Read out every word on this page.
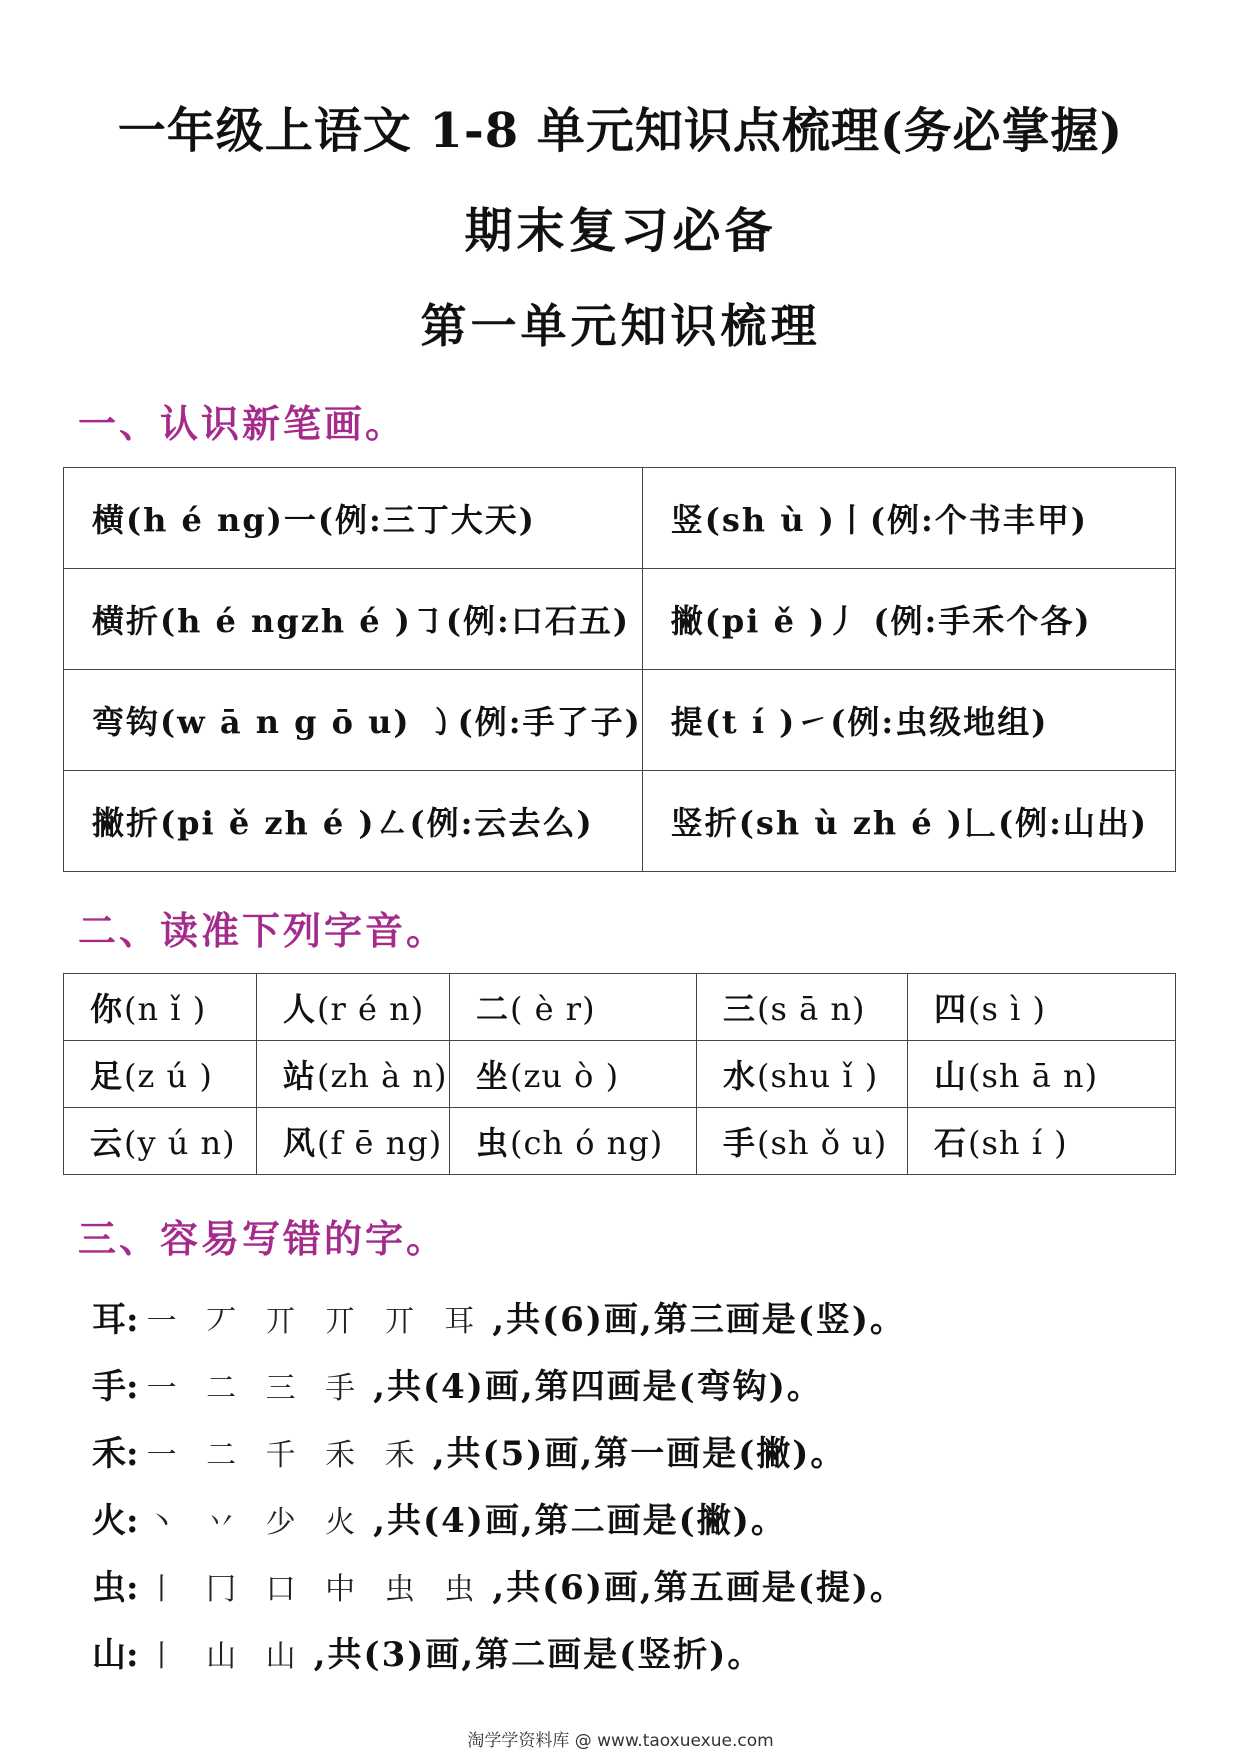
一年级上语文 1-8 单元知识点梳理(务必掌握)
期末复习必备
第一单元知识梳理
一、认识新笔画。
横(h é ng)一(例:三丁大天)	竖(sh ù )丨(例:个书丰甲)
横折(h é ngzh é )㇆(例:口石五)	撇(pi ě )丿 (例:手禾个各)
弯钩(w ā n g ō u) ㇁(例:手了子)	提(t í )㇀(例:虫级地组)
撇折(pi ě zh é )㇜(例:云去么)	竖折(sh ù zh é )𠃊(例:山出)
二、读准下列字音。
你(n ǐ )	人(r é n)	二( è r)	三(s ā n)	四(s ì )
足(z ú )	站(zh à n)	坐(zu ò )	水(shu ǐ )	山(sh ā n)
云(y ú n)	风(f ē ng)	虫(ch ó ng)	手(sh ǒ u)	石(sh í )
三、容易写错的字。
耳: 一 丆 丌 丌 丌 耳 ,共(6)画,第三画是(竖)。
手: 一 二 三 手 ,共(4)画,第四画是(弯钩)。
禾: 一 二 千 禾 禾 ,共(5)画,第一画是(撇)。
火: 丶 丷 少 火 ,共(4)画,第二画是(撇)。
虫: 丨 冂 口 中 虫 虫 ,共(6)画,第五画是(提)。
山: 丨 山 山 ,共(3)画,第二画是(竖折)。
淘学学资料库 @ www.taoxuexue.com
